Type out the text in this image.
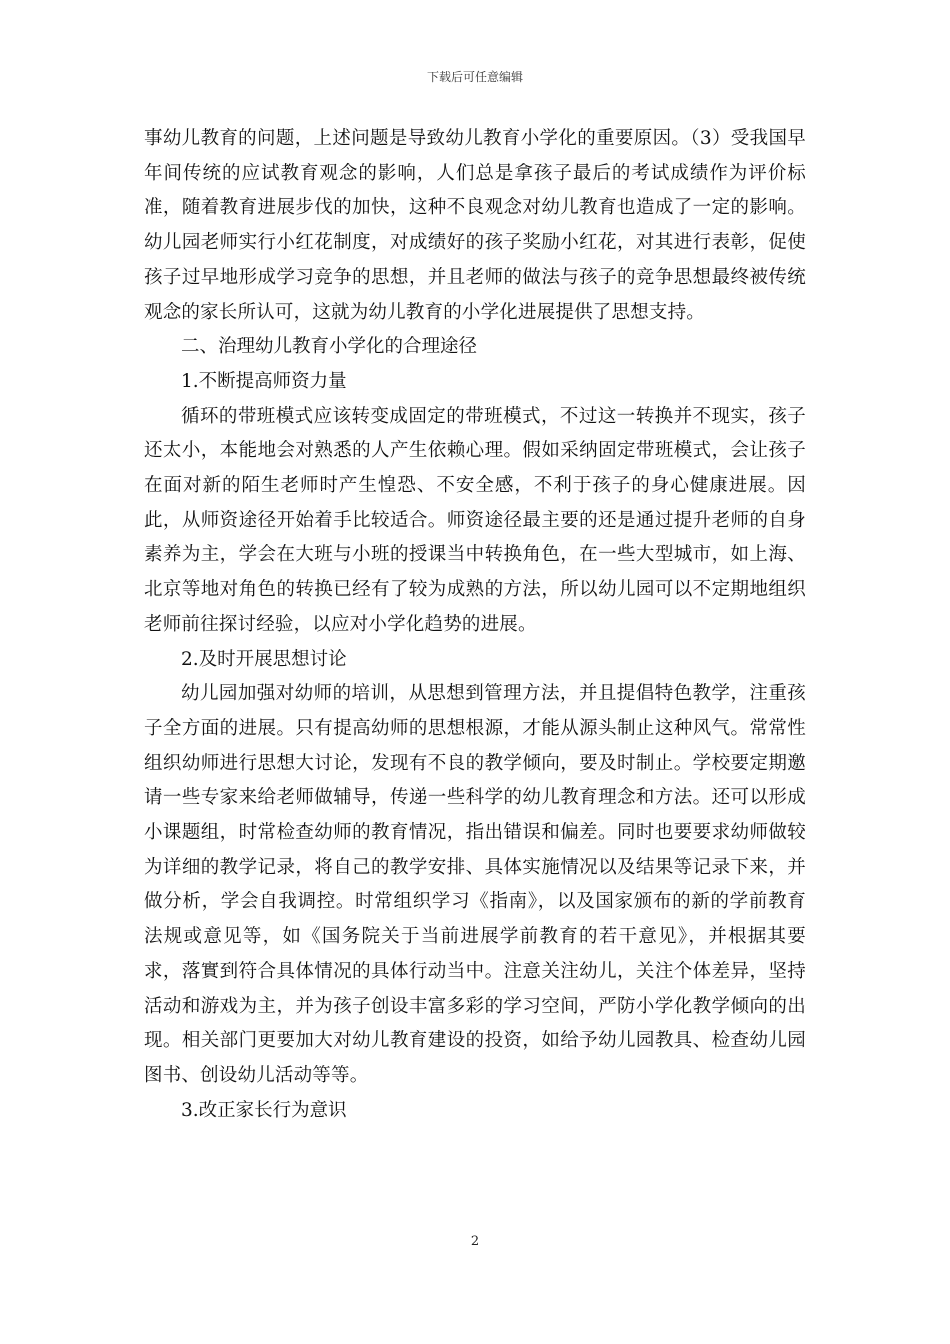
下载后可任意编辑

事幼儿教育的问题，上述问题是导致幼儿教育小学化的重要原因。（3）受我国早年间传统的应试教育观念的影响，人们总是拿孩子最后的考试成绩作为评价标准，随着教育进展步伐的加快，这种不良观念对幼儿教育也造成了一定的影响。幼儿园老师实行小红花制度，对成绩好的孩子奖励小红花，对其进行表彰，促使孩子过早地形成学习竞争的思想，并且老师的做法与孩子的竞争思想最终被传统观念的家长所认可，这就为幼儿教育的小学化进展提供了思想支持。

二、治理幼儿教育小学化的合理途径

1.不断提高师资力量

循环的带班模式应该转变成固定的带班模式，不过这一转换并不现实，孩子还太小，本能地会对熟悉的人产生依赖心理。假如采纳固定带班模式，会让孩子在面对新的陌生老师时产生惶恐、不安全感，不利于孩子的身心健康进展。因此，从师资途径开始着手比较适合。师资途径最主要的还是通过提升老师的自身素养为主，学会在大班与小班的授课当中转换角色，在一些大型城市，如上海、北京等地对角色的转换已经有了较为成熟的方法，所以幼儿园可以不定期地组织老师前往探讨经验，以应对小学化趋势的进展。

2.及时开展思想讨论

幼儿园加强对幼师的培训，从思想到管理方法，并且提倡特色教学，注重孩子全方面的进展。只有提高幼师的思想根源，才能从源头制止这种风气。常常性组织幼师进行思想大讨论，发现有不良的教学倾向，要及时制止。学校要定期邀请一些专家来给老师做辅导，传递一些科学的幼儿教育理念和方法。还可以形成小课题组，时常检查幼师的教育情况，指出错误和偏差。同时也要要求幼师做较为详细的教学记录，将自己的教学安排、具体实施情况以及结果等记录下来，并做分析，学会自我调控。时常组织学习《指南》，以及国家颁布的新的学前教育法规或意见等，如《国务院关于当前进展学前教育的若干意见》，并根据其要求，落實到符合具体情况的具体行动当中。注意关注幼儿，关注个体差异，坚持活动和游戏为主，并为孩子创设丰富多彩的学习空间，严防小学化教学倾向的出现。相关部门更要加大对幼儿教育建设的投资，如给予幼儿园教具、检查幼儿园图书、创设幼儿活动等等。

3.改正家长行为意识

2
